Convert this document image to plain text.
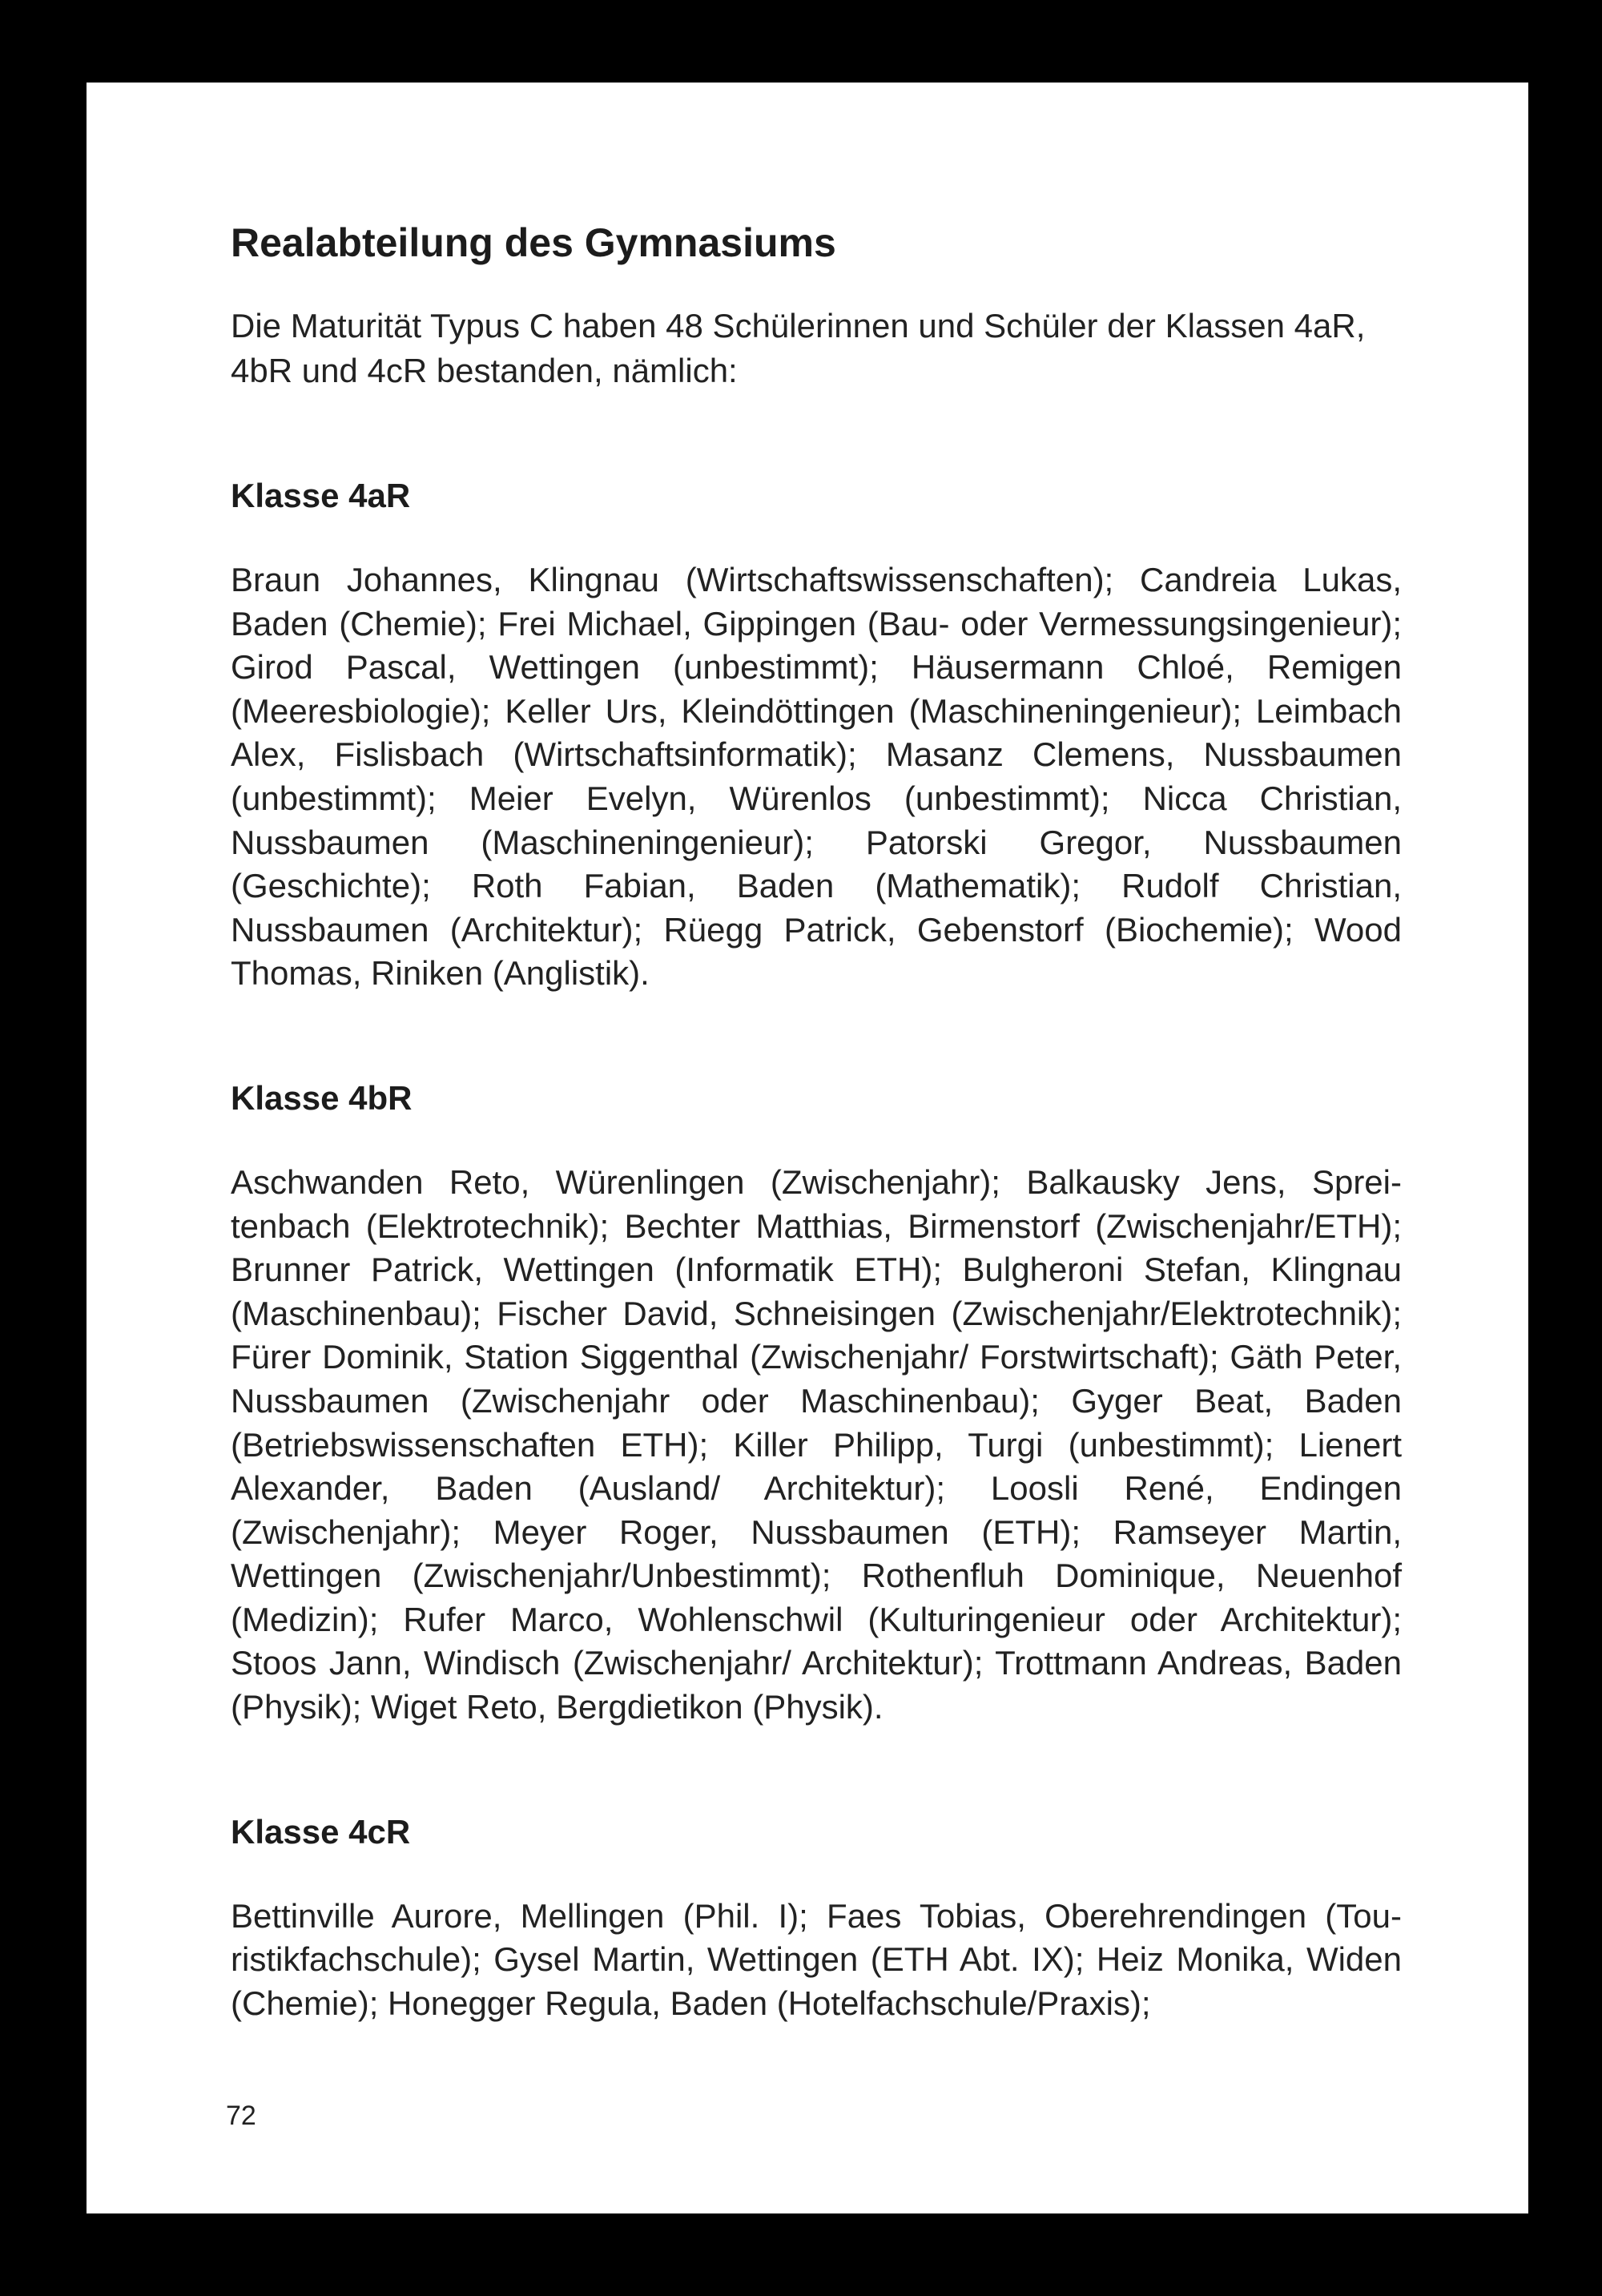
Realabteilung des Gymnasiums

Die Maturität Typus C haben 48 Schülerinnen und Schüler der Klassen 4aR, 4bR und 4cR bestanden, nämlich:

Klasse 4aR

Braun Johannes, Klingnau (Wirtschaftswissenschaften); Candreia Lukas, Baden (Chemie); Frei Michael, Gippingen (Bau- oder Vermessungsingenieur); Girod Pascal, Wettingen (unbestimmt); Häusermann Chloé, Remigen (Meeresbiologie); Keller Urs, Kleindöttingen (Maschineningenieur); Leimbach Alex, Fislisbach (Wirtschaftsinformatik); Masanz Clemens, Nussbaumen (unbestimmt); Meier Evelyn, Würenlos (unbestimmt); Nicca Christian, Nussbaumen (Maschineningenieur); Patorski Gregor, Nussbaumen (Geschichte); Roth Fabian, Baden (Mathematik); Rudolf Christian, Nussbaumen (Architektur); Rüegg Patrick, Gebenstorf (Biochemie); Wood Thomas, Riniken (Anglistik).

Klasse 4bR

Aschwanden Reto, Würenlingen (Zwischenjahr); Balkausky Jens, Spreitenbach (Elektrotechnik); Bechter Matthias, Birmenstorf (Zwischenjahr/ETH); Brunner Patrick, Wettingen (Informatik ETH); Bulgheroni Stefan, Klingnau (Maschinenbau); Fischer David, Schneisingen (Zwischenjahr/Elektrotechnik); Fürer Dominik, Station Siggenthal (Zwischenjahr/ Forstwirtschaft); Gäth Peter, Nussbaumen (Zwischenjahr oder Maschinenbau); Gyger Beat, Baden (Betriebswissenschaften ETH); Killer Philipp, Turgi (unbestimmt); Lienert Alexander, Baden (Ausland/ Architektur); Loosli René, Endingen (Zwischenjahr); Meyer Roger, Nussbaumen (ETH); Ramseyer Martin, Wettingen (Zwischenjahr/Unbestimmt); Rothenfluh Dominique, Neuenhof (Medizin); Rufer Marco, Wohlenschwil (Kulturingenieur oder Architektur); Stoos Jann, Windisch (Zwischenjahr/ Architektur); Trottmann Andreas, Baden (Physik); Wiget Reto, Bergdietikon (Physik).

Klasse 4cR

Bettinville Aurore, Mellingen (Phil. I); Faes Tobias, Oberehrendingen (Touristikfachschule); Gysel Martin, Wettingen (ETH Abt. IX); Heiz Monika, Widen (Chemie); Honegger Regula, Baden (Hotelfachschule/Praxis);

72
